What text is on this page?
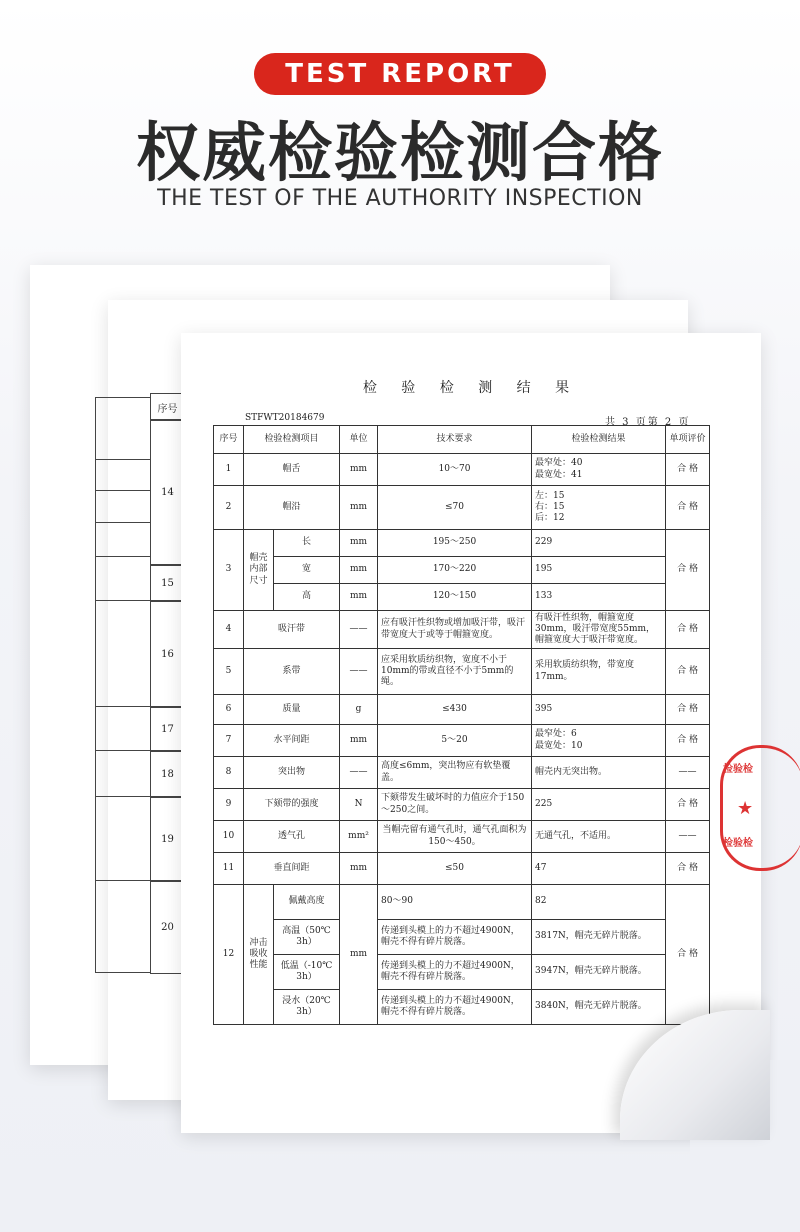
TEST REPORT
权威检验检测合格
THE TEST OF THE AUTHORITY INSPECTION
序号
14
15
16
17
18
19
20
检 验 检 测 结 果
STFWT20184679	共 3 页第 2 页
序号	检验检测项目		单位	技术要求	检验检测结果	单项评价
1	帽舌		mm	10～70	最窄处：40
最宽处：41	合 格
2	帽沿		mm	≤70	左：15
右：15
后：12	合 格
3	帽壳内部尺寸	长	mm	195～250	229	合 格
		宽	mm	170～220	195	
		高	mm	120～150	133	
4	吸汗带		——	应有吸汗性织物或增加吸汗带，吸汗带宽度大于或等于帽箍宽度。	有吸汗性织物，帽箍宽度30mm，吸汗带宽度55mm，帽箍宽度大于吸汗带宽度。	合 格
5	系带		——	应采用软质纺织物，宽度不小于10mm的带或直径不小于5mm的绳。	采用软质纺织物，带宽度17mm。	合 格
6	质量		g	≤430	395	合 格
7	水平间距		mm	5～20	最窄处：6
最宽处：10	合 格
8	突出物		——	高度≤6mm，突出物应有软垫覆盖。	帽壳内无突出物。	——
9	下颏带的强度		N	下颏带发生破坏时的力值应介于150～250之间。	225	合 格
10	透气孔		mm²	当帽壳留有通气孔时，通气孔面积为150～450。	无通气孔，不适用。	——
11	垂直间距		mm	≤50	47	合 格
12	冲击吸收性能	佩戴高度	mm	80～90	82	合 格
		高温（50℃ 3h）		传递到头模上的力不超过4900N，帽壳不得有碎片脱落。	3817N，帽壳无碎片脱落。	
		低温（-10℃ 3h）		传递到头模上的力不超过4900N，帽壳不得有碎片脱落。	3947N，帽壳无碎片脱落。	
		浸水（20℃ 3h）		传递到头模上的力不超过4900N，帽壳不得有碎片脱落。	3840N，帽壳无碎片脱落。	
检验检
★
检验检
